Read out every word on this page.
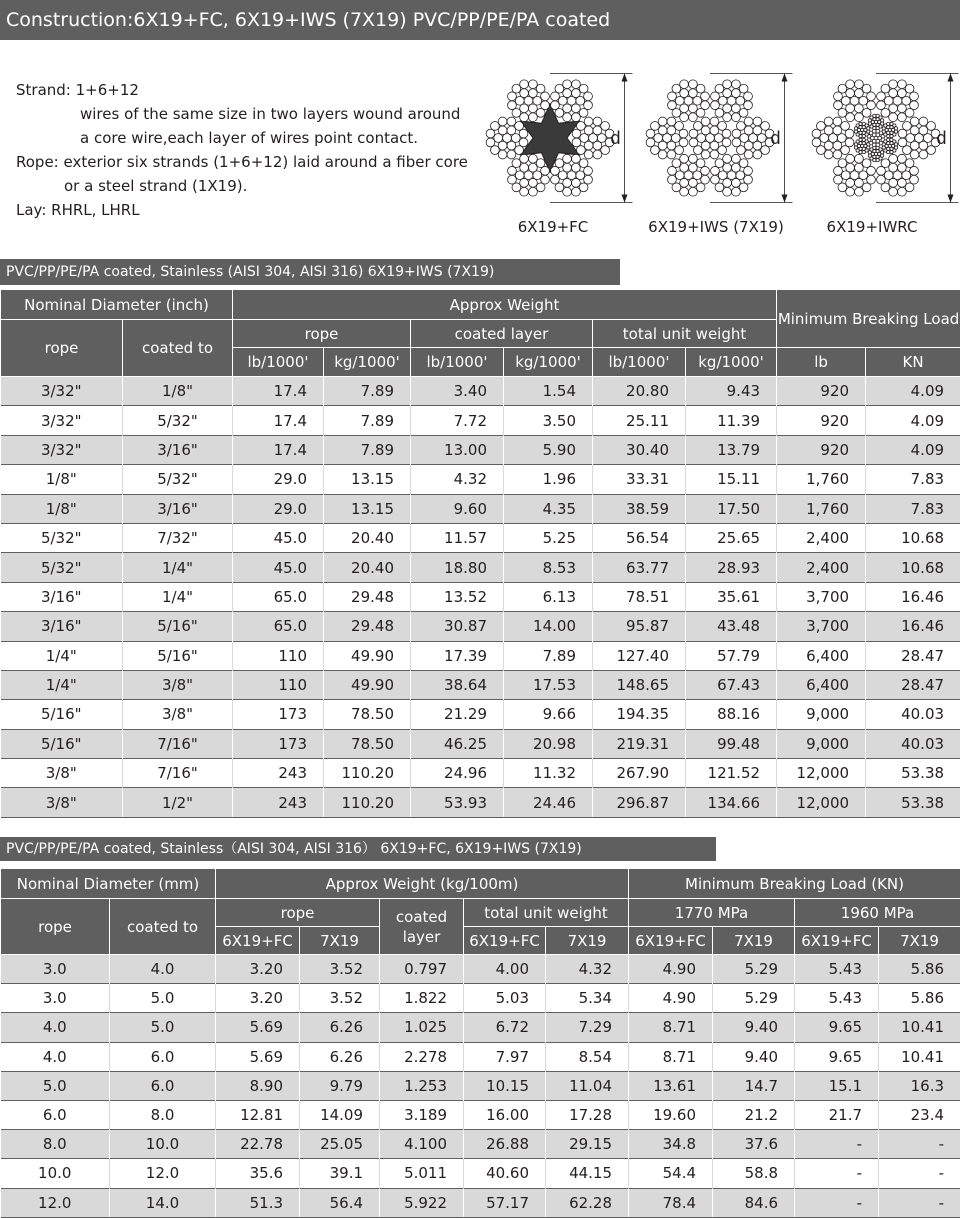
Construction:6X19+FC, 6X19+IWS (7X19) PVC/PP/PE/PA coated
Strand: 1+6+12
wires of the same size in two layers wound around
a core wire,each layer of wires point contact.
Rope: exterior six strands (1+6+12) laid around a fiber core
or a steel strand (1X19).
Lay: RHRL, LHRL
d	d	d
6X19+FC	6X19+IWS (7X19)	6X19+IWRC
PVC/PP/PE/PA coated, Stainless (AISI 304, AISI 316) 6X19+IWS (7X19)
Nominal Diameter (inch)		Approx Weight						Minimum Breaking Load	
rope	coated to	rope		coated layer		total unit weight			
		lb/1000'	kg/1000'	lb/1000'	kg/1000'	lb/1000'	kg/1000'	lb	KN
3/32"	1/8"	17.4	7.89	3.40	1.54	20.80	9.43	920	4.09
3/32"	5/32"	17.4	7.89	7.72	3.50	25.11	11.39	920	4.09
3/32"	3/16"	17.4	7.89	13.00	5.90	30.40	13.79	920	4.09
1/8"	5/32"	29.0	13.15	4.32	1.96	33.31	15.11	1,760	7.83
1/8"	3/16"	29.0	13.15	9.60	4.35	38.59	17.50	1,760	7.83
5/32"	7/32"	45.0	20.40	11.57	5.25	56.54	25.65	2,400	10.68
5/32"	1/4"	45.0	20.40	18.80	8.53	63.77	28.93	2,400	10.68
3/16"	1/4"	65.0	29.48	13.52	6.13	78.51	35.61	3,700	16.46
3/16"	5/16"	65.0	29.48	30.87	14.00	95.87	43.48	3,700	16.46
1/4"	5/16"	110	49.90	17.39	7.89	127.40	57.79	6,400	28.47
1/4"	3/8"	110	49.90	38.64	17.53	148.65	67.43	6,400	28.47
5/16"	3/8"	173	78.50	21.29	9.66	194.35	88.16	9,000	40.03
5/16"	7/16"	173	78.50	46.25	20.98	219.31	99.48	9,000	40.03
3/8"	7/16"	243	110.20	24.96	11.32	267.90	121.52	12,000	53.38
3/8"	1/2"	243	110.20	53.93	24.46	296.87	134.66	12,000	53.38
PVC/PP/PE/PA coated, Stainless（AISI 304, AISI 316） 6X19+FC, 6X19+IWS (7X19)
Nominal Diameter (mm)		Approx Weight (kg/100m)					Minimum Breaking Load (KN)			
rope	coated to	rope		coated layer	total unit weight		1770 MPa		1960 MPa	
		6X19+FC	7X19		6X19+FC	7X19	6X19+FC	7X19	6X19+FC	7X19
3.0	4.0	3.20	3.52	0.797	4.00	4.32	4.90	5.29	5.43	5.86
3.0	5.0	3.20	3.52	1.822	5.03	5.34	4.90	5.29	5.43	5.86
4.0	5.0	5.69	6.26	1.025	6.72	7.29	8.71	9.40	9.65	10.41
4.0	6.0	5.69	6.26	2.278	7.97	8.54	8.71	9.40	9.65	10.41
5.0	6.0	8.90	9.79	1.253	10.15	11.04	13.61	14.7	15.1	16.3
6.0	8.0	12.81	14.09	3.189	16.00	17.28	19.60	21.2	21.7	23.4
8.0	10.0	22.78	25.05	4.100	26.88	29.15	34.8	37.6	-	-
10.0	12.0	35.6	39.1	5.011	40.60	44.15	54.4	58.8	-	-
12.0	14.0	51.3	56.4	5.922	57.17	62.28	78.4	84.6	-	-
